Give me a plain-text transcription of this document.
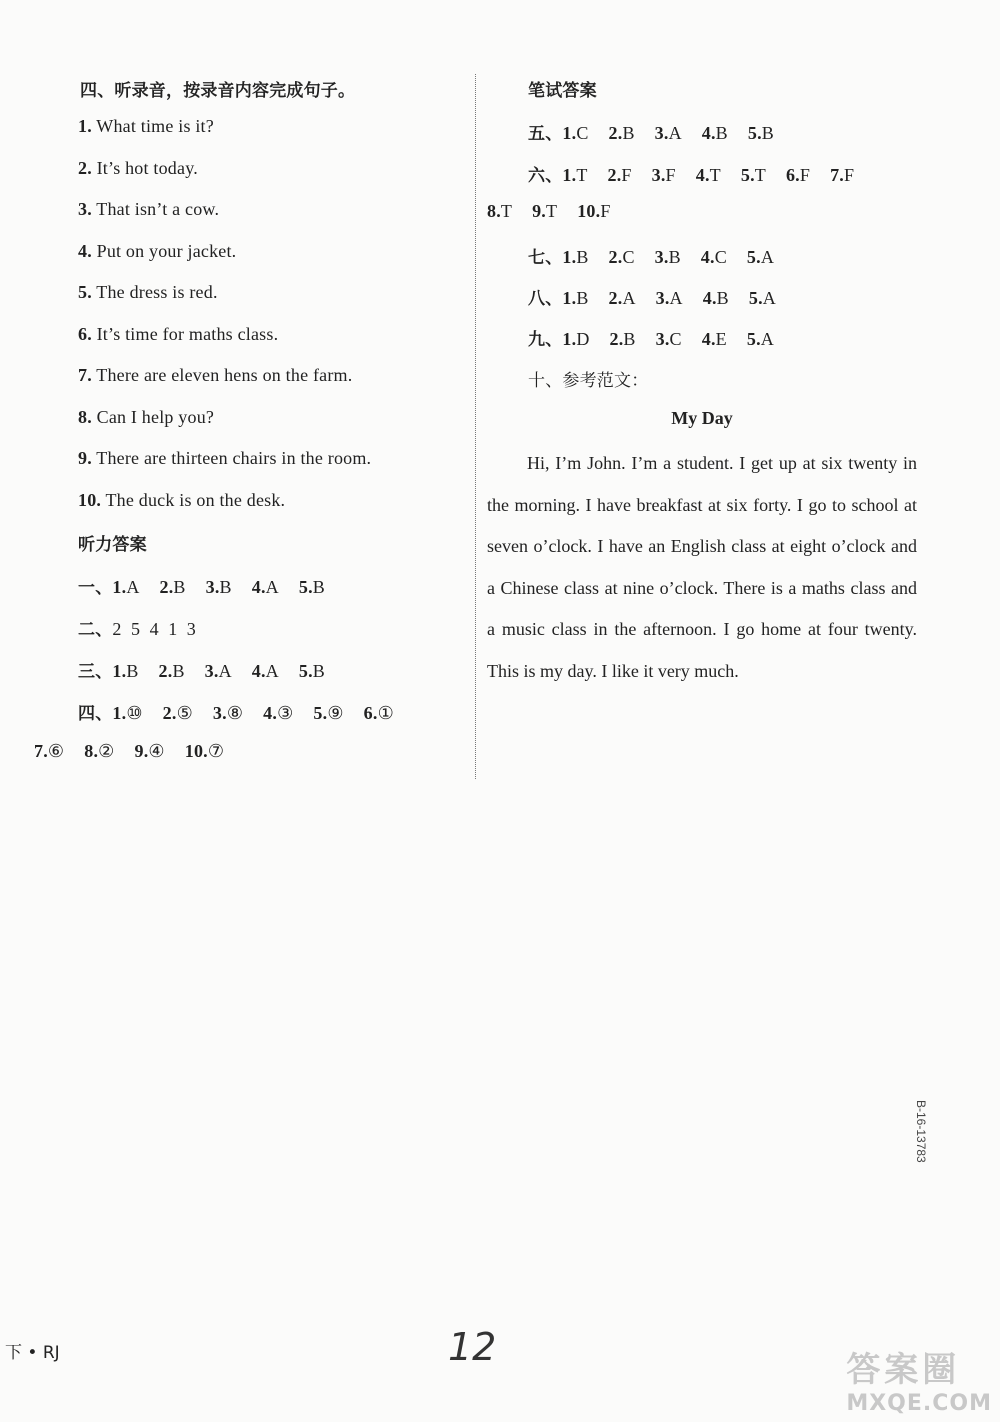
四、听录音，按录音内容完成句子。
1. What time is it?
2. It’s hot today.
3. That isn’t a cow.
4. Put on your jacket.
5. The dress is red.
6. It’s time for maths class.
7. There are eleven hens on the farm.
8. Can I help you?
9. There are thirteen chairs in the room.
10. The duck is on the desk.
听力答案
一、1.A 2.B 3.B 4.A 5.B
二、2  5  4  1  3
三、1.B 2.B 3.A 4.A 5.B
四、1.⑩ 2.⑤ 3.⑧ 4.③ 5.⑨ 6.①
7.⑥ 8.② 9.④ 10.⑦
笔试答案
五、1.C 2.B 3.A 4.B 5.B
六、1.T 2.F 3.F 4.T 5.T 6.F 7.F
8.T 9.T 10.F
七、1.B 2.C 3.B 4.C 5.A
八、1.B 2.A 3.A 4.B 5.A
九、1.D 2.B 3.C 4.E 5.A
十、参考范文：
My Day
Hi, I’m John. I’m a student. I get up at six twenty in the morning. I have breakfast at six forty. I go to school at seven o’clock. I have an English class at eight o’clock and a Chinese class at nine o’clock. There is a maths class and a music class in the afternoon. I go home at four twenty. This is my day. I like it very much.
B-16-13783
下 • RJ	12
答案圈
MXQE.COM
